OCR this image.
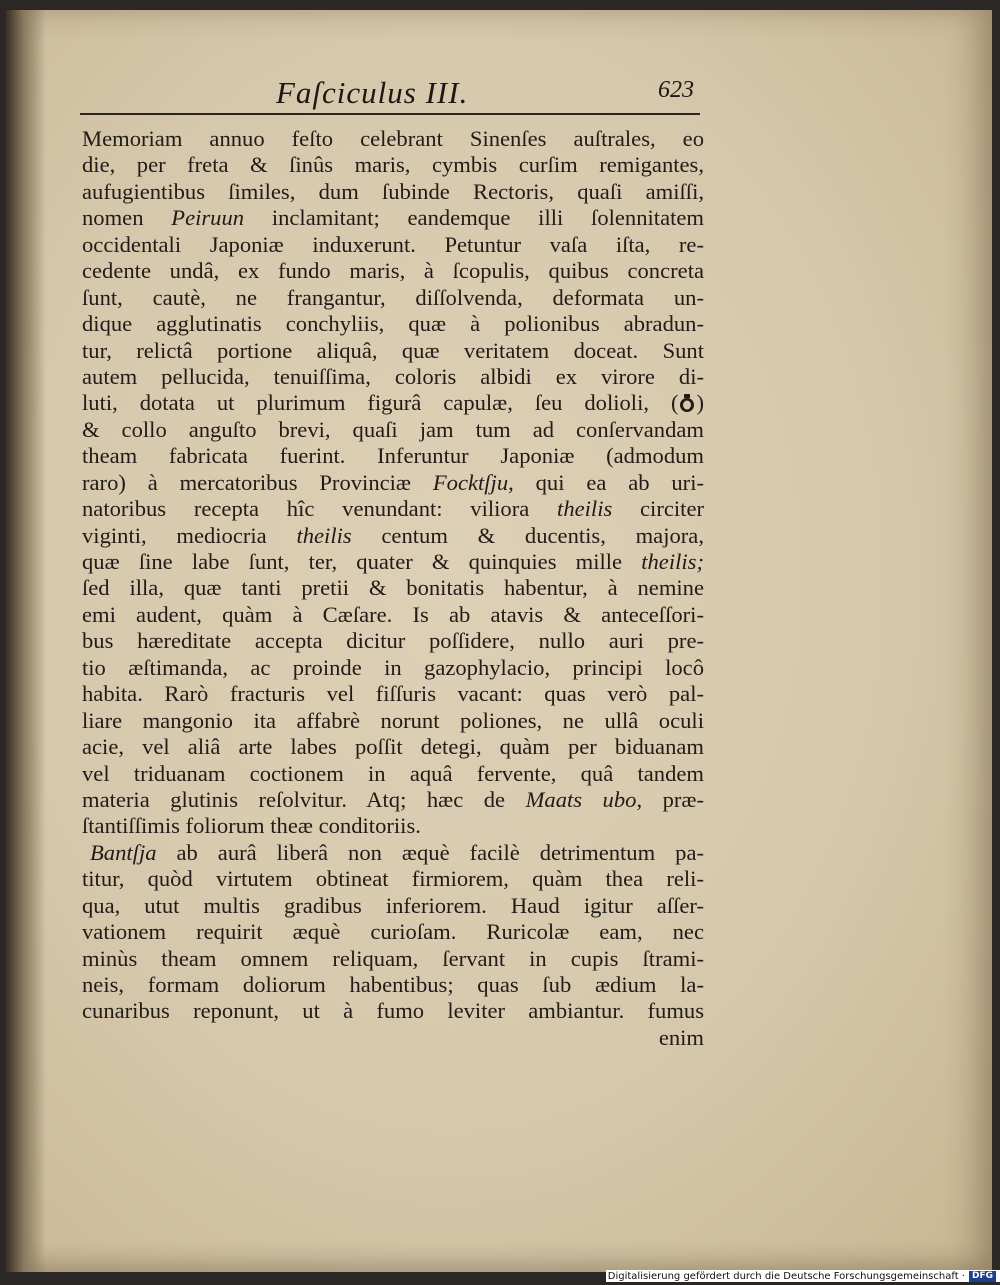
Faſciculus III.	623
Memoriam annuo feſto celebrant Sinenſes auſtrales, eo
die, per freta & ſinûs maris, cymbis curſim remigantes,
aufugientibus ſimiles, dum ſubinde Rectoris, quaſi amiſſi,
nomen Peiruun inclamitant; eandemque illi ſolennitatem
occidentali Japoniæ induxerunt. Petuntur vaſa iſta, re-
cedente undâ, ex fundo maris, à ſcopulis, quibus concreta
ſunt, cautè, ne frangantur, diſſolvenda, deformata un-
dique agglutinatis conchyliis, quæ à polionibus abradun-
tur, relictâ portione aliquâ, quæ veritatem doceat. Sunt
autem pellucida, tenuiſſima, coloris albidi ex virore di-
luti, dotata ut plurimum figurâ capulæ, ſeu dolioli, ( )
& collo anguſto brevi, quaſi jam tum ad conſervandam
theam fabricata fuerint. Inferuntur Japoniæ (admodum
raro) à mercatoribus Provinciæ Focktſju, qui ea ab uri-
natoribus recepta hîc venundant: viliora theilis circiter
viginti, mediocria theilis centum & ducentis, majora,
quæ ſine labe ſunt, ter, quater & quinquies mille theilis;
ſed illa, quæ tanti pretii & bonitatis habentur, à nemine
emi audent, quàm à Cæſare. Is ab atavis & anteceſſori-
bus hæreditate accepta dicitur poſſidere, nullo auri pre-
tio æſtimanda, ac proinde in gazophylacio, principi locô
habita. Rarò fracturis vel fiſſuris vacant: quas verò pal-
liare mangonio ita affabrè norunt poliones, ne ullâ oculi
acie, vel aliâ arte labes poſſit detegi, quàm per biduanam
vel triduanam coctionem in aquâ fervente, quâ tandem
materia glutinis reſolvitur. Atq; hæc de Maats ubo, præ-
ſtantiſſimis foliorum theæ conditoriis.
Bantſja ab aurâ liberâ non æquè facilè detrimentum pa-
titur, quòd virtutem obtineat firmiorem, quàm thea reli-
qua, utut multis gradibus inferiorem. Haud igitur aſſer-
vationem requirit æquè curioſam. Ruricolæ eam, nec
minùs theam omnem reliquam, ſervant in cupis ſtrami-
neis, formam doliorum habentibus; quas ſub ædium la-
cunaribus reponunt, ut à fumo leviter ambiantur. fumus
enim
Digitalisierung gefördert durch die Deutsche Forschungsgemeinschaft · DFG
